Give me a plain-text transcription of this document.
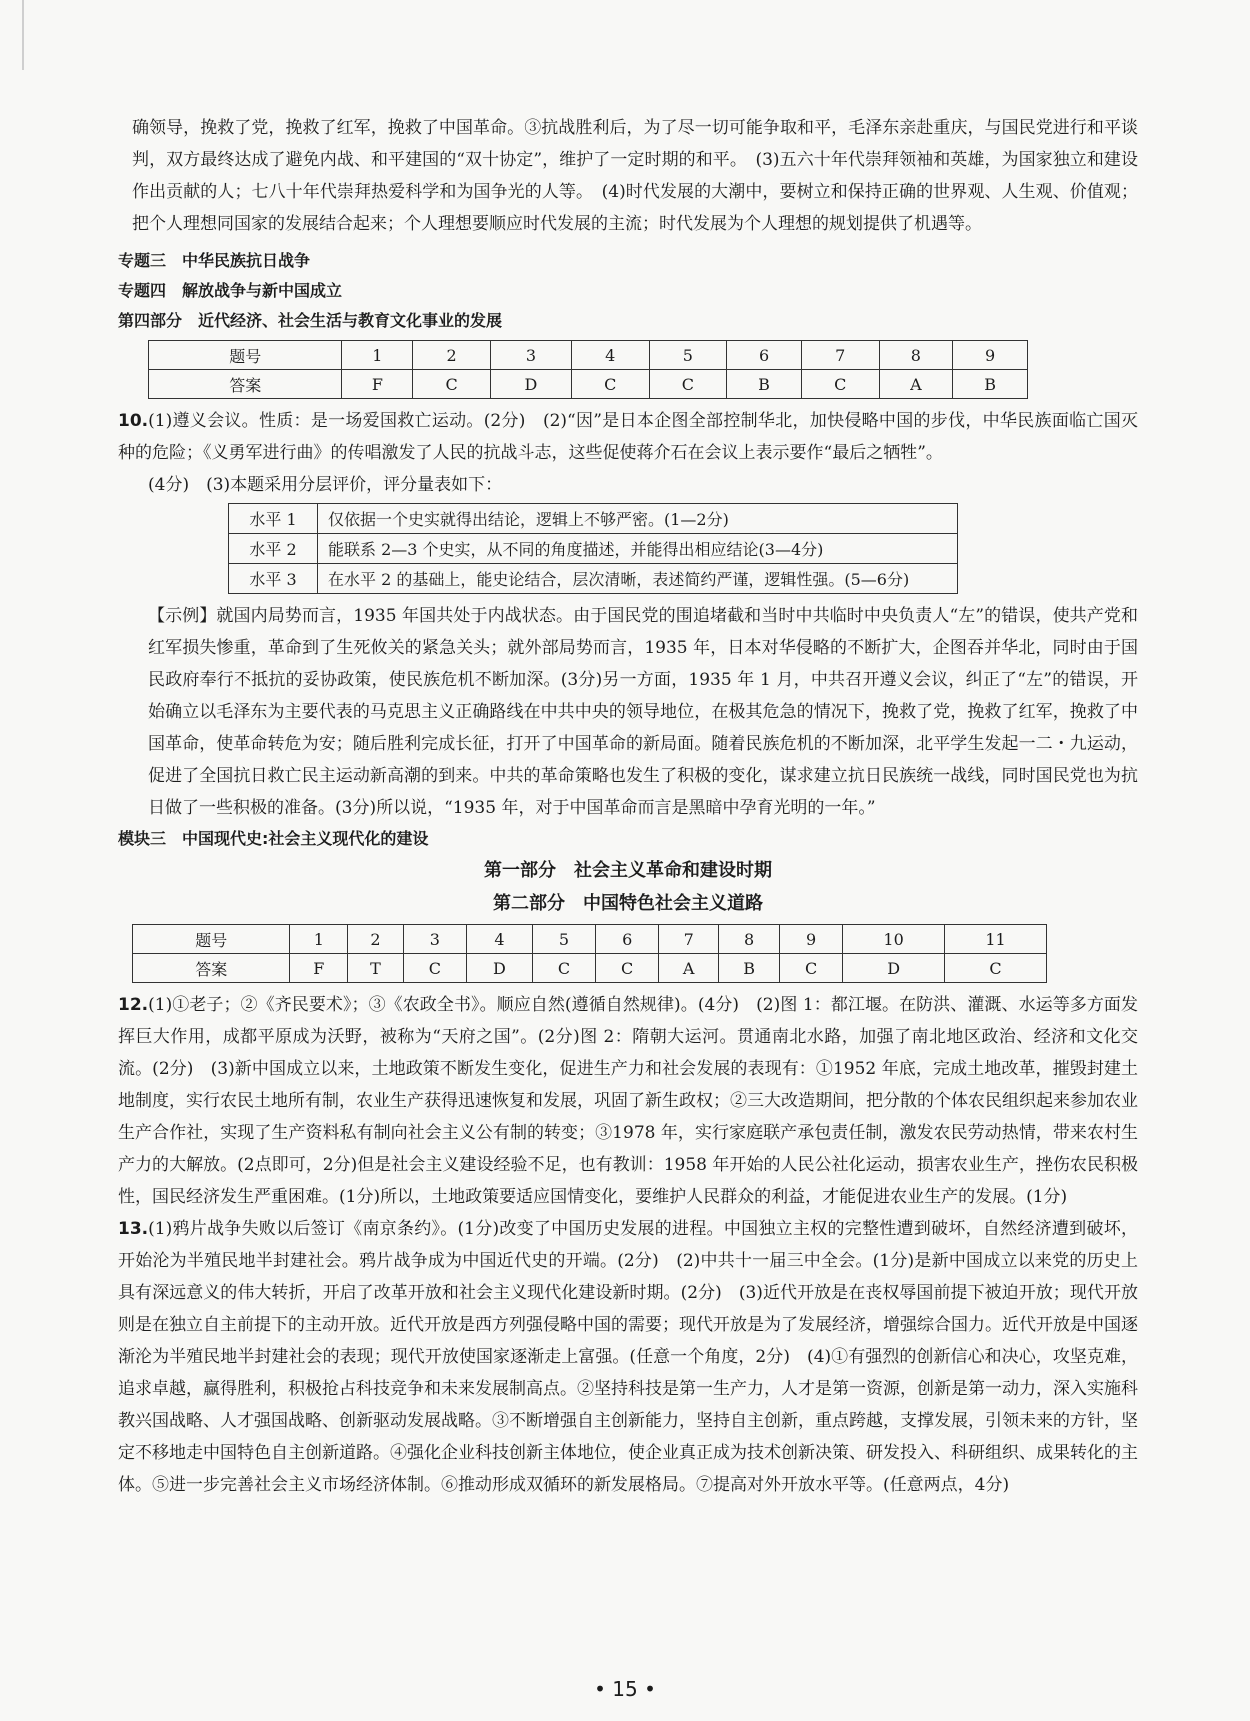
确领导，挽救了党，挽救了红军，挽救了中国革命。③抗战胜利后，为了尽一切可能争取和平，毛泽东亲赴重庆，与国民党进行和平谈判，双方最终达成了避免内战、和平建国的“双十协定”，维护了一定时期的和平。　(3)五六十年代崇拜领袖和英雄，为国家独立和建设作出贡献的人；七八十年代崇拜热爱科学和为国争光的人等。　(4)时代发展的大潮中，要树立和保持正确的世界观、人生观、价值观；把个人理想同国家的发展结合起来；个人理想要顺应时代发展的主流；时代发展为个人理想的规划提供了机遇等。

专题三　中华民族抗日战争

专题四　解放战争与新中国成立

第四部分　近代经济、社会生活与教育文化事业的发展

题号	1	2	3	4	5	6	7	8	9
答案	F	C	D	C	C	B	C	A	B

10.(1)遵义会议。性质：是一场爱国救亡运动。(2分)　(2)“因”是日本企图全部控制华北，加快侵略中国的步伐，中华民族面临亡国灭种的危险；《义勇军进行曲》的传唱激发了人民的抗战斗志，这些促使蒋介石在会议上表示要作“最后之牺牲”。

(4分)　(3)本题采用分层评价，评分量表如下：

水平 1	仅依据一个史实就得出结论，逻辑上不够严密。(1—2分)
水平 2	能联系 2—3 个史实，从不同的角度描述，并能得出相应结论(3—4分)
水平 3	在水平 2 的基础上，能史论结合，层次清晰，表述简约严谨，逻辑性强。(5—6分)

【示例】就国内局势而言，1935 年国共处于内战状态。由于国民党的围追堵截和当时中共临时中央负责人“左”的错误，使共产党和红军损失惨重，革命到了生死攸关的紧急关头；就外部局势而言，1935 年，日本对华侵略的不断扩大，企图吞并华北，同时由于国民政府奉行不抵抗的妥协政策，使民族危机不断加深。(3分)另一方面，1935 年 1 月，中共召开遵义会议，纠正了“左”的错误，开始确立以毛泽东为主要代表的马克思主义正确路线在中共中央的领导地位，在极其危急的情况下，挽救了党，挽救了红军，挽救了中国革命，使革命转危为安；随后胜利完成长征，打开了中国革命的新局面。随着民族危机的不断加深，北平学生发起一二・九运动，促进了全国抗日救亡民主运动新高潮的到来。中共的革命策略也发生了积极的变化，谋求建立抗日民族统一战线，同时国民党也为抗日做了一些积极的准备。(3分)所以说，“1935 年，对于中国革命而言是黑暗中孕育光明的一年。”

模块三　中国现代史:社会主义现代化的建设

第一部分　社会主义革命和建设时期

第二部分　中国特色社会主义道路

题号	1	2	3	4	5	6	7	8	9	10	11
答案	F	T	C	D	C	C	A	B	C	D	C

12.(1)①老子；②《齐民要术》；③《农政全书》。顺应自然(遵循自然规律)。(4分)　(2)图 1：都江堰。在防洪、灌溉、水运等多方面发挥巨大作用，成都平原成为沃野，被称为“天府之国”。(2分)图 2：隋朝大运河。贯通南北水路，加强了南北地区政治、经济和文化交流。(2分)　(3)新中国成立以来，土地政策不断发生变化，促进生产力和社会发展的表现有：①1952 年底，完成土地改革，摧毁封建土地制度，实行农民土地所有制，农业生产获得迅速恢复和发展，巩固了新生政权；②三大改造期间，把分散的个体农民组织起来参加农业生产合作社，实现了生产资料私有制向社会主义公有制的转变；③1978 年，实行家庭联产承包责任制，激发农民劳动热情，带来农村生产力的大解放。(2点即可，2分)但是社会主义建设经验不足，也有教训：1958 年开始的人民公社化运动，损害农业生产，挫伤农民积极性，国民经济发生严重困难。(1分)所以，土地政策要适应国情变化，要维护人民群众的利益，才能促进农业生产的发展。(1分)

13.(1)鸦片战争失败以后签订《南京条约》。(1分)改变了中国历史发展的进程。中国独立主权的完整性遭到破坏，自然经济遭到破坏，开始沦为半殖民地半封建社会。鸦片战争成为中国近代史的开端。(2分)　(2)中共十一届三中全会。(1分)是新中国成立以来党的历史上具有深远意义的伟大转折，开启了改革开放和社会主义现代化建设新时期。(2分)　(3)近代开放是在丧权辱国前提下被迫开放；现代开放则是在独立自主前提下的主动开放。近代开放是西方列强侵略中国的需要；现代开放是为了发展经济，增强综合国力。近代开放是中国逐渐沦为半殖民地半封建社会的表现；现代开放使国家逐渐走上富强。(任意一个角度，2分)　(4)①有强烈的创新信心和决心，攻坚克难，追求卓越，赢得胜利，积极抢占科技竞争和未来发展制高点。②坚持科技是第一生产力，人才是第一资源，创新是第一动力，深入实施科教兴国战略、人才强国战略、创新驱动发展战略。③不断增强自主创新能力，坚持自主创新，重点跨越，支撑发展，引领未来的方针，坚定不移地走中国特色自主创新道路。④强化企业科技创新主体地位，使企业真正成为技术创新决策、研发投入、科研组织、成果转化的主体。⑤进一步完善社会主义市场经济体制。⑥推动形成双循环的新发展格局。⑦提高对外开放水平等。(任意两点，4分)

• 15 •
